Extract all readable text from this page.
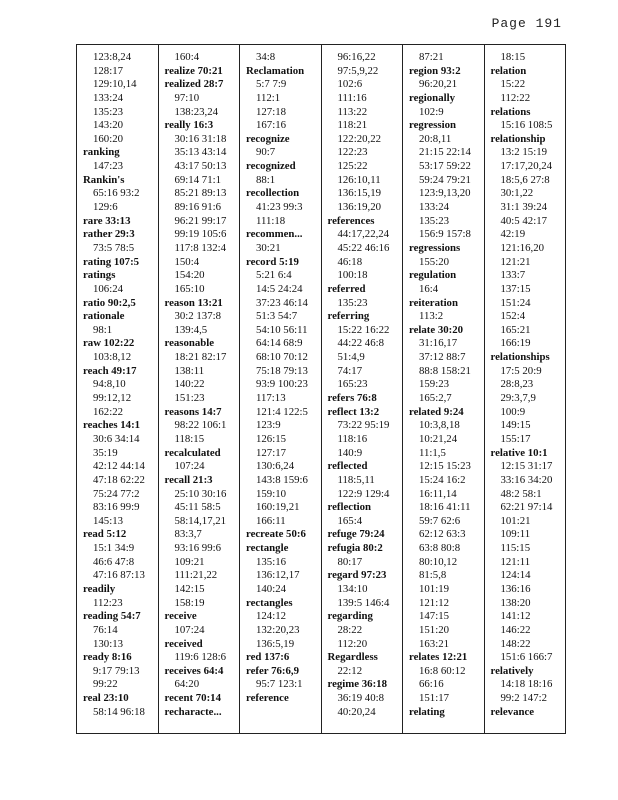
Page 191
123:8,24
128:17
129:10,14
133:24
135:23
143:20
160:20
ranking
147:23
Rankin's
65:16 93:2
129:6
rare 33:13
rather 29:3
73:5 78:5
rating 107:5
ratings
106:24
ratio 90:2,5
rationale
98:1
raw 102:22
103:8,12
reach 49:17
94:8,10
99:12,12
162:22
reaches 14:1
30:6 34:14
35:19
42:12 44:14
47:18 62:22
75:24 77:2
83:16 99:9
145:13
read 5:12
15:1 34:9
46:6 47:8
47:16 87:13
readily
112:23
reading 54:7
76:14
130:13
ready 8:16
9:17 79:13
99:22
real 23:10
58:14 96:18
160:4
realize 70:21
realized 28:7
97:10
138:23,24
really 16:3
30:16 31:18
35:13 43:14
43:17 50:13
69:14 71:1
85:21 89:13
89:16 91:6
96:21 99:17
99:19 105:6
117:8 132:4
150:4
154:20
165:10
reason 13:21
30:2 137:8
139:4,5
reasonable
18:21 82:17
138:11
140:22
151:23
reasons 14:7
98:22 106:1
118:15
recalculated
107:24
recall 21:3
25:10 30:16
45:11 58:5
58:14,17,21
83:3,7
93:16 99:6
109:21
111:21,22
142:15
158:19
receive
107:24
received
119:6 128:6
receives 64:4
64:20
recent 70:14
recharacte...
34:8
Reclamation
5:7 7:9
112:1
127:18
167:16
recognize
90:7
recognized
88:1
recollection
41:23 99:3
111:18
recommen...
30:21
record 5:19
5:21 6:4
14:5 24:24
37:23 46:14
51:3 54:7
54:10 56:11
64:14 68:9
68:10 70:12
75:18 79:13
93:9 100:23
117:13
121:4 122:5
123:9
126:15
127:17
130:6,24
143:8 159:6
159:10
160:19,21
166:11
recreate 50:6
rectangle
135:16
136:12,17
140:24
rectangles
124:12
132:20,23
136:5,19
red 137:6
refer 76:6,9
95:7 123:1
reference
96:16,22
97:5,9,22
102:6
111:16
113:22
118:21
122:20,22
122:23
125:22
126:10,11
136:15,19
136:19,20
references
44:17,22,24
45:22 46:16
46:18
100:18
referred
135:23
referring
15:22 16:22
44:22 46:8
51:4,9
74:17
165:23
refers 76:8
reflect 13:2
73:22 95:19
118:16
140:9
reflected
118:5,11
122:9 129:4
reflection
165:4
refuge 79:24
refugia 80:2
80:17
regard 97:23
134:10
139:5 146:4
regarding
28:22
112:20
Regardless
22:12
regime 36:18
36:19 40:8
40:20,24
87:21
region 93:2
96:20,21
regionally
102:9
regression
20:8,11
21:15 22:14
53:17 59:22
59:24 79:21
123:9,13,20
133:24
135:23
156:9 157:8
regressions
155:20
regulation
16:4
reiteration
113:2
relate 30:20
31:16,17
37:12 88:7
88:8 158:21
159:23
165:2,7
related 9:24
10:3,8,18
10:21,24
11:1,5
12:15 15:23
15:24 16:2
16:11,14
18:16 41:11
59:7 62:6
62:12 63:3
63:8 80:8
80:10,12
81:5,8
101:19
121:12
147:15
151:20
163:21
relates 12:21
16:8 60:12
66:16
151:17
relating
18:15
relation
15:22
112:22
relations
15:16 108:5
relationship
13:2 15:19
17:17,20,24
18:5,6 27:8
30:1,22
31:1 39:24
40:5 42:17
42:19
121:16,20
121:21
133:7
137:15
151:24
152:4
165:21
166:19
relationships
17:5 20:9
28:8,23
29:3,7,9
100:9
149:15
155:17
relative 10:1
12:15 31:17
33:16 34:20
48:2 58:1
62:21 97:14
101:21
109:11
115:15
121:11
124:14
136:16
138:20
141:12
146:22
148:22
151:6 166:7
relatively
14:18 18:16
99:2 147:2
relevance
